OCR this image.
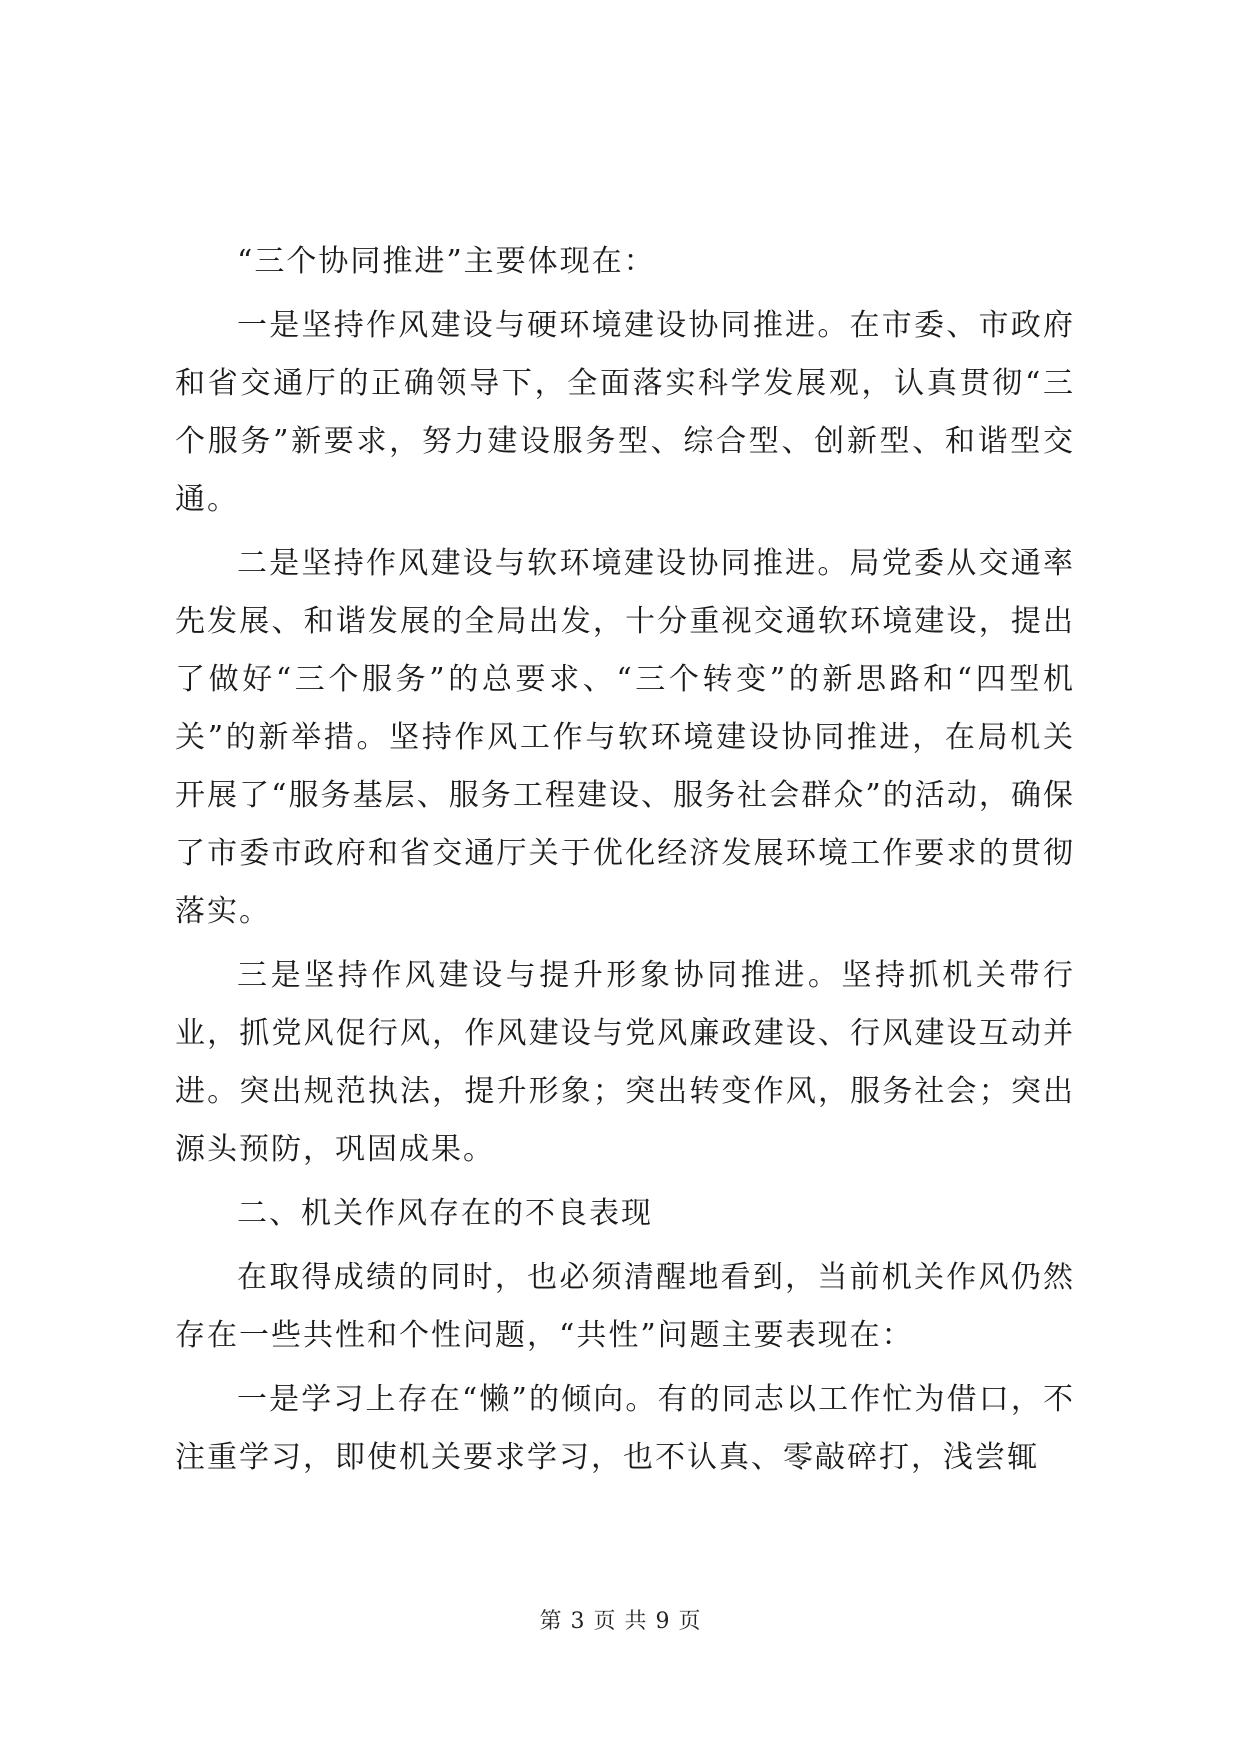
“三个协同推进”主要体现在：

一是坚持作风建设与硬环境建设协同推进。在市委、市政府和省交通厅的正确领导下，全面落实科学发展观，认真贯彻“三个服务”新要求，努力建设服务型、综合型、创新型、和谐型交通。

二是坚持作风建设与软环境建设协同推进。局党委从交通率先发展、和谐发展的全局出发，十分重视交通软环境建设，提出了做好“三个服务”的总要求、“三个转变”的新思路和“四型机关”的新举措。坚持作风工作与软环境建设协同推进，在局机关开展了“服务基层、服务工程建设、服务社会群众”的活动，确保了市委市政府和省交通厅关于优化经济发展环境工作要求的贯彻落实。

三是坚持作风建设与提升形象协同推进。坚持抓机关带行业，抓党风促行风，作风建设与党风廉政建设、行风建设互动并进。突出规范执法，提升形象；突出转变作风，服务社会；突出源头预防，巩固成果。

二、机关作风存在的不良表现

在取得成绩的同时，也必须清醒地看到，当前机关作风仍然存在一些共性和个性问题，“共性”问题主要表现在：

一是学习上存在“懒”的倾向。有的同志以工作忙为借口，不注重学习，即使机关要求学习，也不认真、零敲碎打，浅尝辄

第 3 页 共 9 页
